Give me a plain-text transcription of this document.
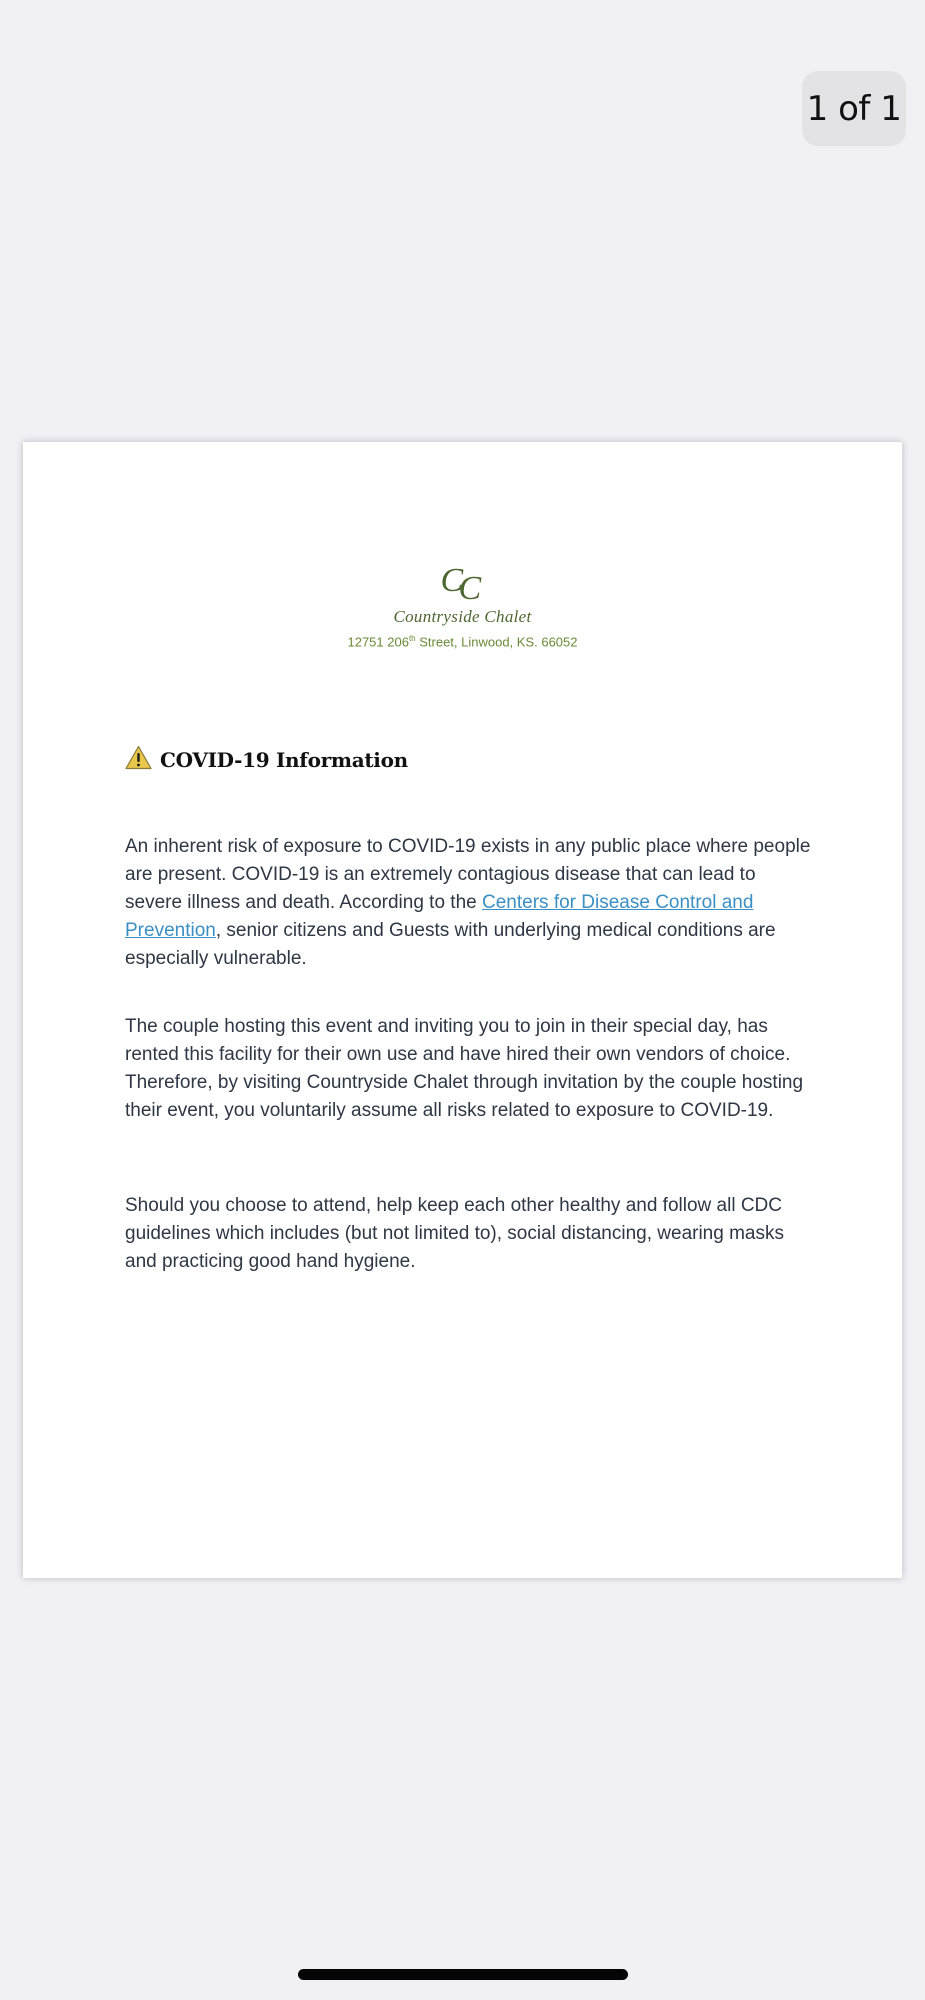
1 of 1
C
C
Countryside Chalet
12751 206th Street, Linwood, KS. 66052
COVID-19 Information

An inherent risk of exposure to COVID-19 exists in any public place where people are present. COVID-19 is an extremely contagious disease that can lead to severe illness and death. According to the Centers for Disease Control and Prevention, senior citizens and Guests with underlying medical conditions are especially vulnerable.

The couple hosting this event and inviting you to join in their special day, has rented this facility for their own use and have hired their own vendors of choice. Therefore, by visiting Countryside Chalet through invitation by the couple hosting their event, you voluntarily assume all risks related to exposure to COVID-19.

Should you choose to attend, help keep each other healthy and follow all CDC guidelines which includes (but not limited to), social distancing, wearing masks and practicing good hand hygiene.
